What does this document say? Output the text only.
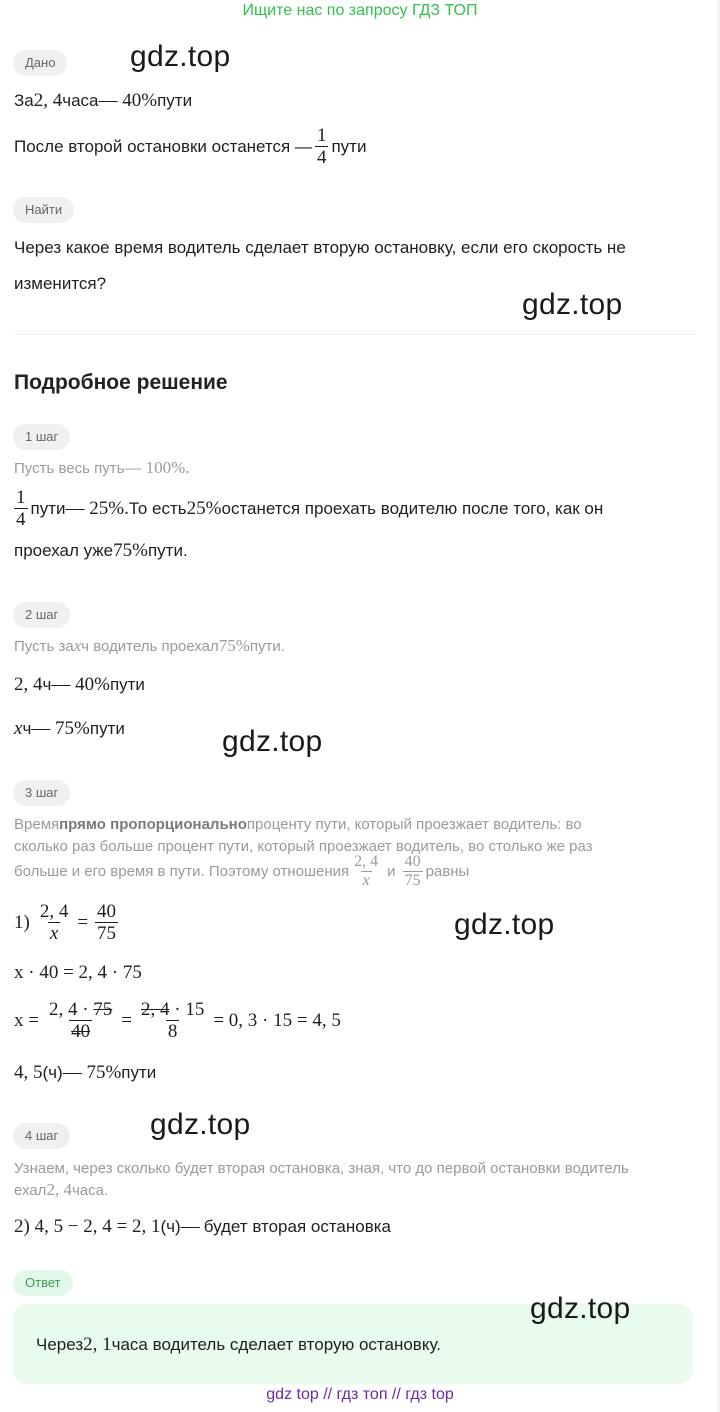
Ищите нас по запросу ГДЗ ТОП
Дано	gdz.top
За 2, 4 часа — 40% пути
После второй остановки останется — $\frac{1}{4}$ пути
Найти
Через какое время водитель сделает вторую остановку, если его скорость не
изменится?
gdz.top
Подробное решение
1 шаг
Пусть весь путь — 100%.
$\frac{1}{4}$ пути — 25%. То есть 25% останется проехать водителю после того, как он
проехал уже 75% пути.
2 шаг
Пусть за x ч водитель проехал 75% пути.
2, 4 ч — 40% пути
x ч — 75% пути	gdz.top
3 шаг
Время прямо пропорционально проценту пути, который проезжает водитель: во
сколько раз больше процент пути, который проезжает водитель, во столько же раз
больше и его время в пути. Поэтому отношения $\frac{2, 4}{x}$ и $\frac{40}{75}$ равны
$1) \frac{2, 4}{x} = \frac{40}{75}$	gdz.top
x · 40 = 2, 4 · 75
$x = \frac{2, 4 \cdot 75}{40} = \frac{2, 4 \cdot 15}{8} = 0$, 3 · 15 = 4, 5
4, 5 (ч) — 75% пути
4 шаг	gdz.top
Узнаем, через сколько будет вторая остановка, зная, что до первой остановки водитель
ехал 2, 4 часа.
2) 4, 5 − 2, 4 = 2, 1 (ч) — будет вторая остановка
Ответ
gdz.top
Через 2, 1 часа водитель сделает вторую остановку.
gdz top // гдз топ // гдз top
